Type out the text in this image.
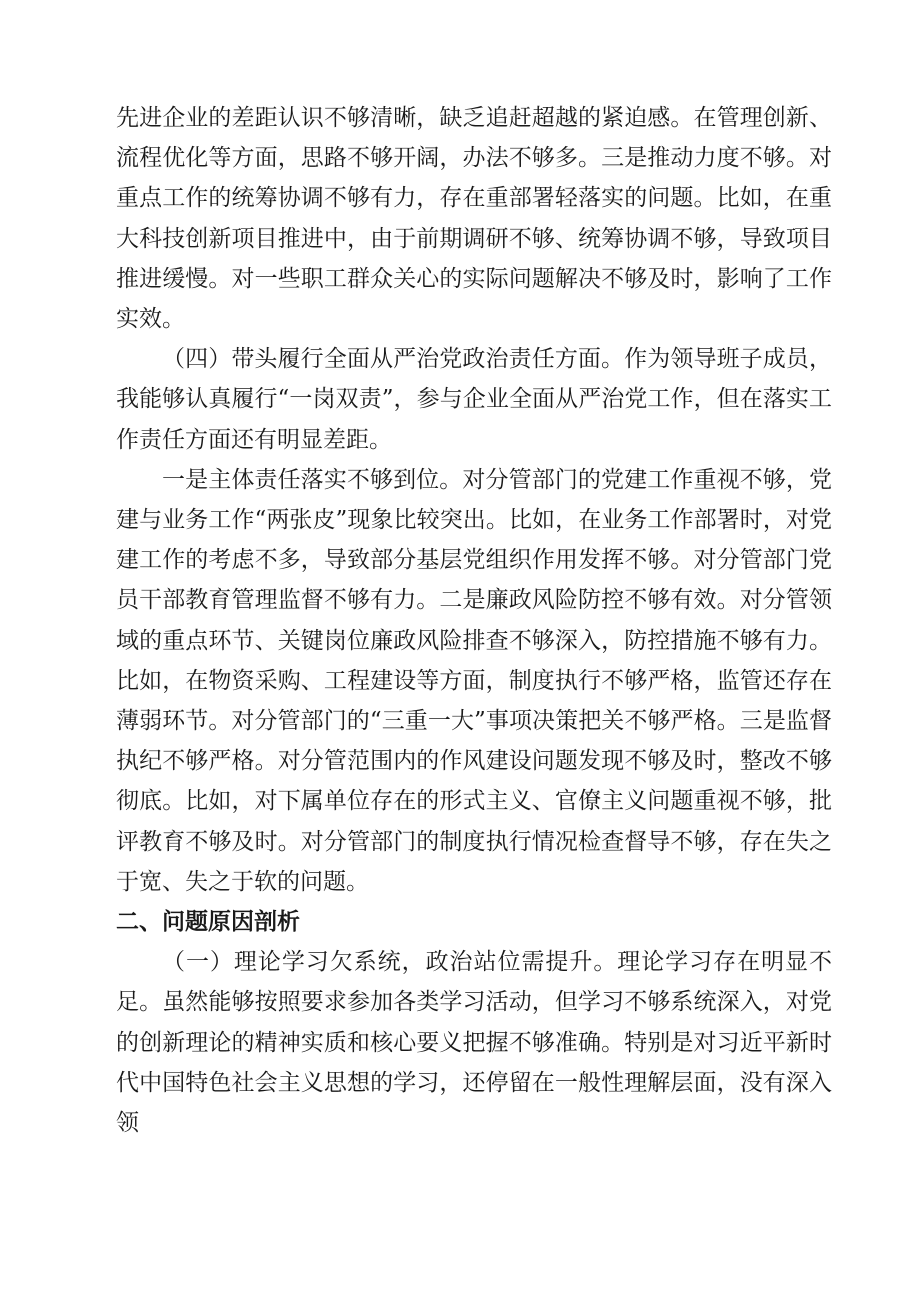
先进企业的差距认识不够清晰，缺乏追赶超越的紧迫感。在管理创新、流程优化等方面，思路不够开阔，办法不够多。三是推动力度不够。对重点工作的统筹协调不够有力，存在重部署轻落实的问题。比如，在重大科技创新项目推进中，由于前期调研不够、统筹协调不够，导致项目推进缓慢。对一些职工群众关心的实际问题解决不够及时，影响了工作实效。

（四）带头履行全面从严治党政治责任方面。作为领导班子成员，我能够认真履行“一岗双责”，参与企业全面从严治党工作，但在落实工作责任方面还有明显差距。

一是主体责任落实不够到位。对分管部门的党建工作重视不够，党建与业务工作“两张皮”现象比较突出。比如，在业务工作部署时，对党建工作的考虑不多，导致部分基层党组织作用发挥不够。对分管部门党员干部教育管理监督不够有力。二是廉政风险防控不够有效。对分管领域的重点环节、关键岗位廉政风险排查不够深入，防控措施不够有力。比如，在物资采购、工程建设等方面，制度执行不够严格，监管还存在薄弱环节。对分管部门的“三重一大”事项决策把关不够严格。三是监督执纪不够严格。对分管范围内的作风建设问题发现不够及时，整改不够彻底。比如，对下属单位存在的形式主义、官僚主义问题重视不够，批评教育不够及时。对分管部门的制度执行情况检查督导不够，存在失之于宽、失之于软的问题。

二、问题原因剖析

（一）理论学习欠系统，政治站位需提升。理论学习存在明显不足。虽然能够按照要求参加各类学习活动，但学习不够系统深入，对党的创新理论的精神实质和核心要义把握不够准确。特别是对习近平新时代中国特色社会主义思想的学习，还停留在一般性理解层面，没有深入领
